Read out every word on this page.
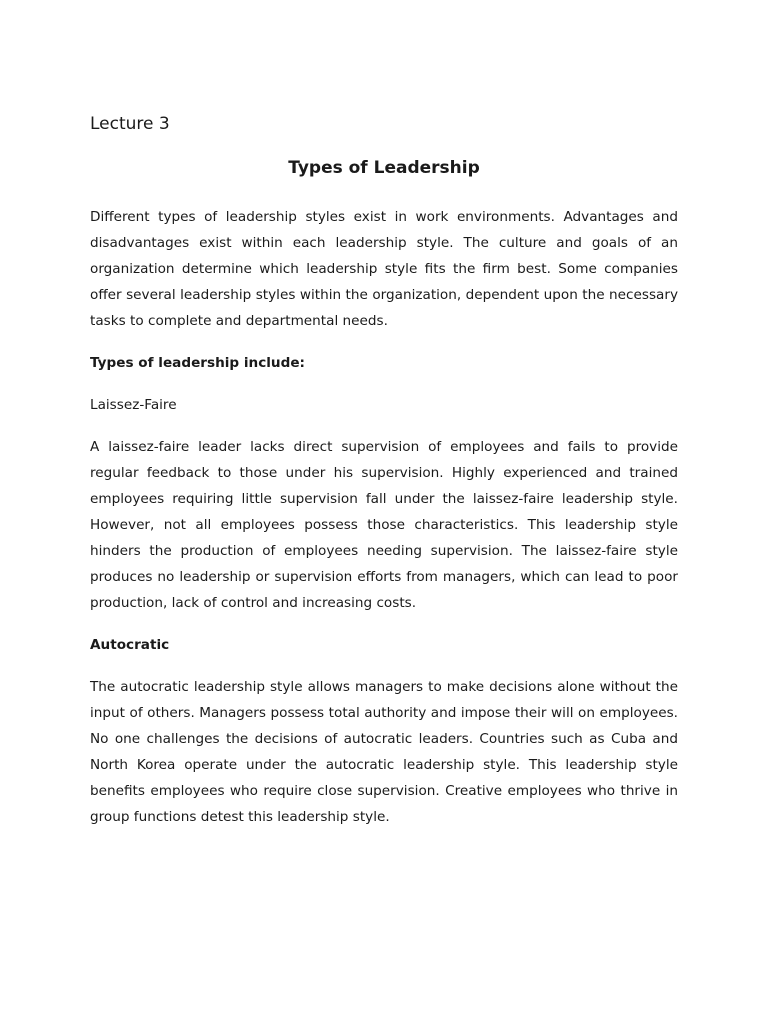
Lecture 3
Types of Leadership

Different types of leadership styles exist in work environments. Advantages and disadvantages exist within each leadership style. The culture and goals of an organization determine which leadership style fits the firm best. Some companies offer several leadership styles within the organization, dependent upon the necessary tasks to complete and departmental needs.

Types of leadership include:
Laissez-Faire

A laissez-faire leader lacks direct supervision of employees and fails to provide regular feedback to those under his supervision. Highly experienced and trained employees requiring little supervision fall under the laissez-faire leadership style. However, not all employees possess those characteristics. This leadership style hinders the production of employees needing supervision. The laissez-faire style produces no leadership or supervision efforts from managers, which can lead to poor production, lack of control and increasing costs.

Autocratic

The autocratic leadership style allows managers to make decisions alone without the input of others. Managers possess total authority and impose their will on employees. No one challenges the decisions of autocratic leaders. Countries such as Cuba and North Korea operate under the autocratic leadership style. This leadership style benefits employees who require close supervision. Creative employees who thrive in group functions detest this leadership style.
